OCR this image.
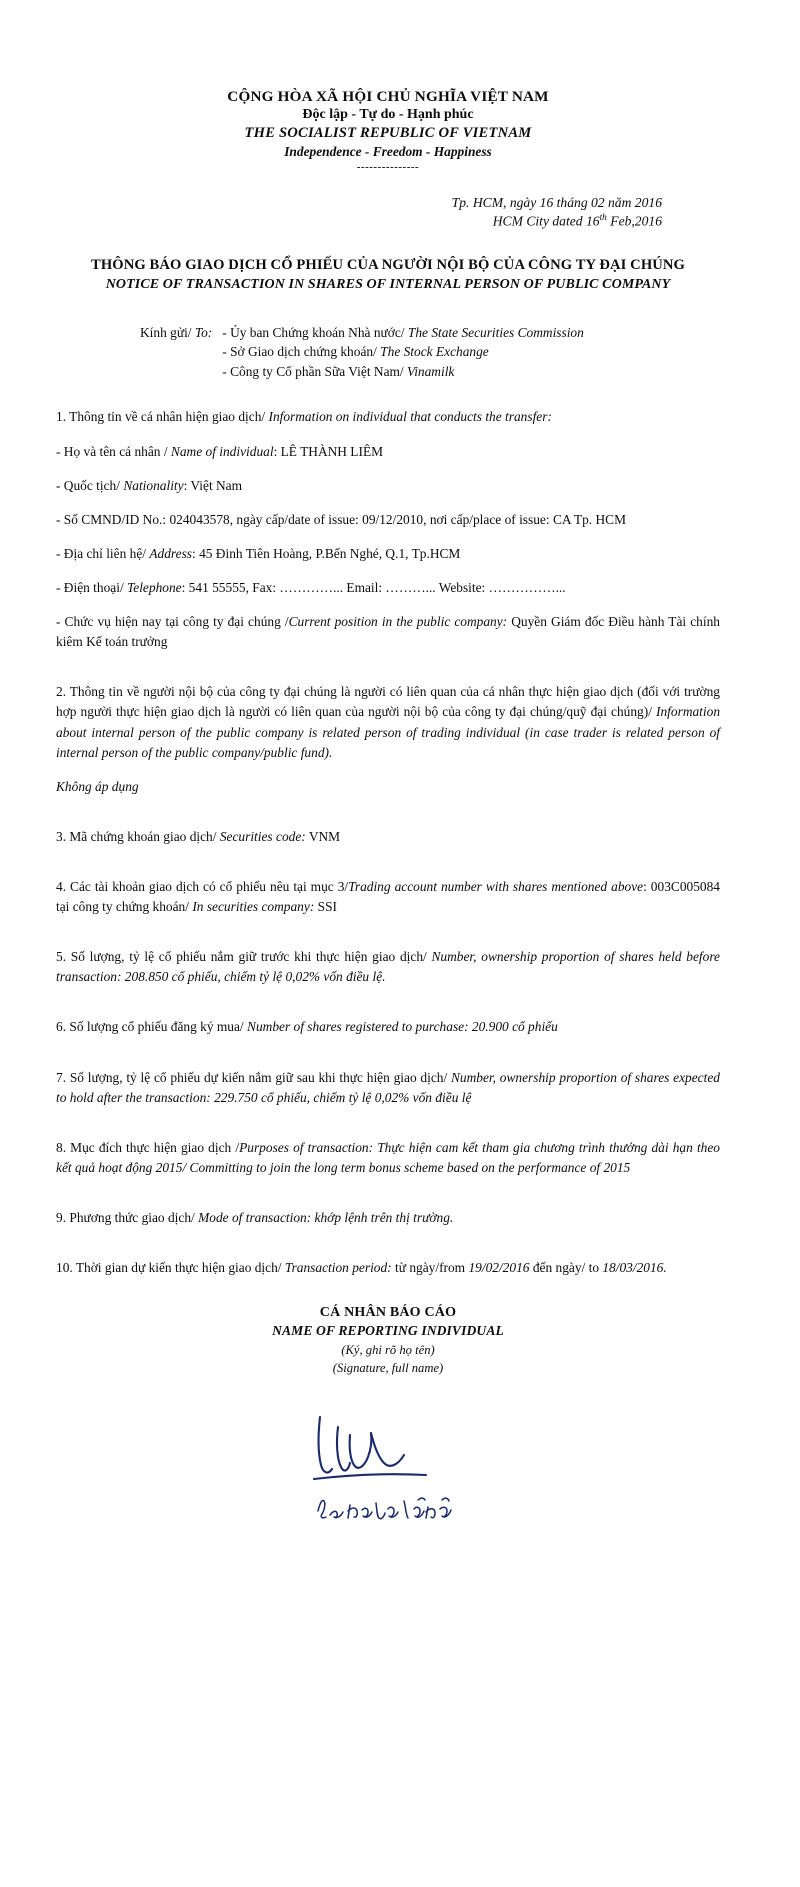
CỘNG HÒA XÃ HỘI CHỦ NGHĨA VIỆT NAM
Độc lập - Tự do - Hạnh phúc
THE SOCIALIST REPUBLIC OF VIETNAM
Independence - Freedom - Happiness
---------------
Tp. HCM, ngày 16 tháng 02 năm 2016
HCM City dated 16th Feb,2016
THÔNG BÁO GIAO DỊCH CỔ PHIẾU CỦA NGƯỜI NỘI BỘ CỦA CÔNG TY ĐẠI CHÚNG
NOTICE OF TRANSACTION IN SHARES OF INTERNAL PERSON OF PUBLIC COMPANY
Kính gửi/ To: - Ủy ban Chứng khoán Nhà nước/ The State Securities Commission
- Sở Giao dịch chứng khoán/ The Stock Exchange
- Công ty Cổ phần Sữa Việt Nam/ Vinamilk
1. Thông tin về cá nhân hiện giao dịch/ Information on individual that conducts the transfer:
- Họ và tên cá nhân / Name of individual: LÊ THÀNH LIÊM
- Quốc tịch/ Nationality: Việt Nam
- Số CMND/ID No.: 024043578, ngày cấp/date of issue: 09/12/2010, nơi cấp/place of issue: CA Tp. HCM
- Địa chỉ liên hệ/ Address: 45 Đinh Tiên Hoàng, P.Bến Nghé, Q.1, Tp.HCM
- Điện thoại/ Telephone: 541 55555, Fax: …………... Email: ………... Website: ……………...
- Chức vụ hiện nay tại công ty đại chúng /Current position in the public company: Quyền Giám đốc Điều hành Tài chính kiêm Kế toán trưởng
2. Thông tin về người nội bộ của công ty đại chúng là người có liên quan của cá nhân thực hiện giao dịch (đối với trường hợp người thực hiện giao dịch là người có liên quan của người nội bộ của công ty đại chúng/quỹ đại chúng)/ Information about internal person of the public company is related person of trading individual (in case trader is related person of internal person of the public company/public fund).
Không áp dụng
3. Mã chứng khoán giao dịch/ Securities code: VNM
4. Các tài khoản giao dịch có cổ phiếu nêu tại mục 3/Trading account number with shares mentioned above: 003C005084 tại công ty chứng khoán/ In securities company: SSI
5. Số lượng, tỷ lệ cổ phiếu nắm giữ trước khi thực hiện giao dịch/ Number, ownership proportion of shares held before transaction: 208.850 cổ phiếu, chiếm tỷ lệ 0,02% vốn điều lệ.
6. Số lượng cổ phiếu đăng ký mua/ Number of shares registered to purchase: 20.900 cổ phiếu
7. Số lượng, tỷ lệ cổ phiếu dự kiến nắm giữ sau khi thực hiện giao dịch/ Number, ownership proportion of shares expected to hold after the transaction: 229.750 cổ phiếu, chiếm tỷ lệ 0,02% vốn điều lệ
8. Mục đích thực hiện giao dịch /Purposes of transaction: Thực hiện cam kết tham gia chương trình thưởng dài hạn theo kết quả hoạt động 2015/ Committing to join the long term bonus scheme based on the performance of 2015
9. Phương thức giao dịch/ Mode of transaction: khớp lệnh trên thị trường.
10. Thời gian dự kiến thực hiện giao dịch/ Transaction period: từ ngày/from 19/02/2016 đến ngày/ to 18/03/2016.
CÁ NHÂN BÁO CÁO
NAME OF REPORTING INDIVIDUAL
(Ký, ghi rõ họ tên)
(Signature, full name)
